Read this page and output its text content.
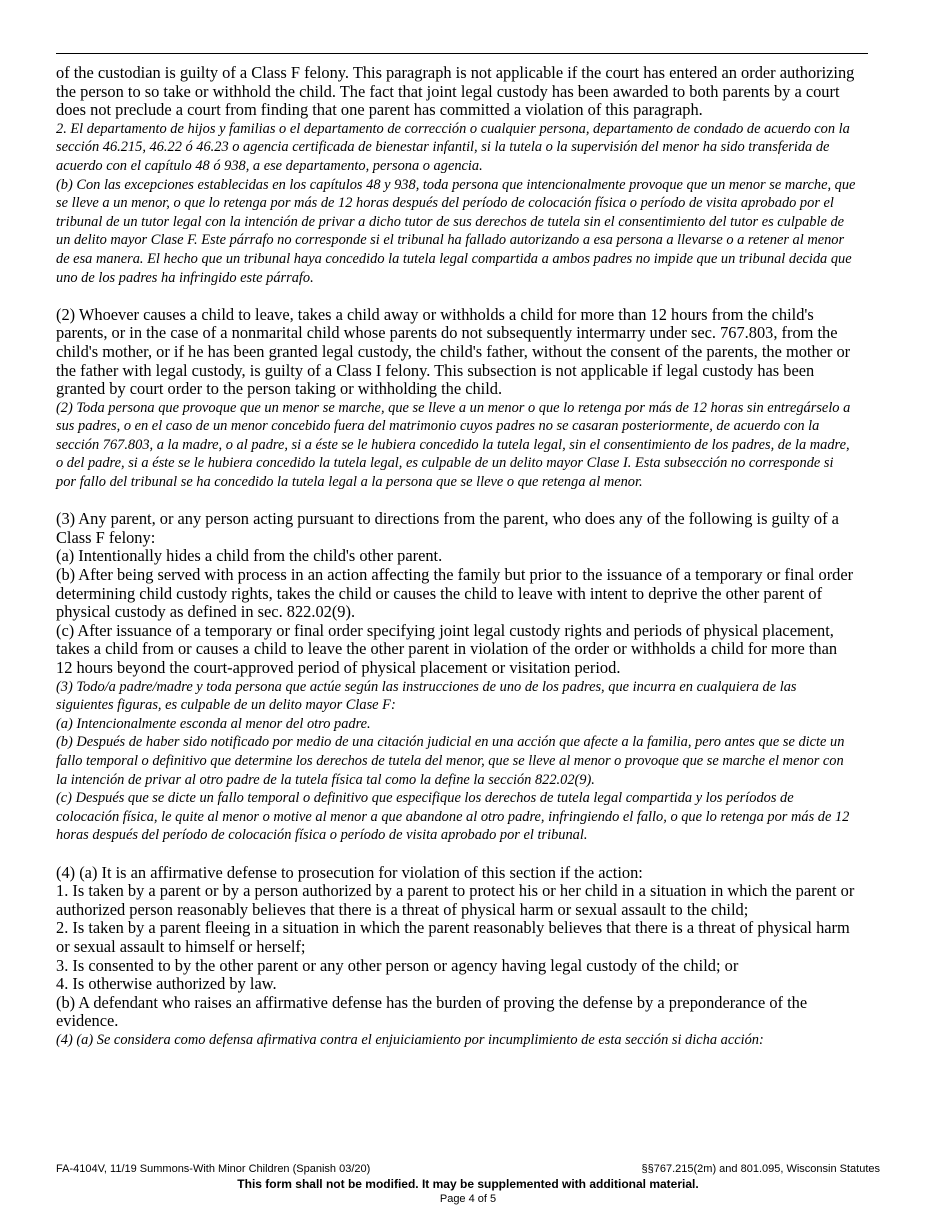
of the custodian is guilty of a Class F felony. This paragraph is not applicable if the court has entered an order authorizing the person to so take or withhold the child. The fact that joint legal custody has been awarded to both parents by a court does not preclude a court from finding that one parent has committed a violation of this paragraph.

2. El departamento de hijos y familias o el departamento de corrección o cualquier persona, departamento de condado de acuerdo con la sección 46.215, 46.22 ó 46.23 o agencia certificada de bienestar infantil, si la tutela o la supervisión del menor ha sido transferida de acuerdo con el capítulo 48 ó 938, a ese departamento, persona o agencia.

(b) Con las excepciones establecidas en los capítulos 48 y 938, toda persona que intencionalmente provoque que un menor se marche, que se lleve a un menor, o que lo retenga por más de 12 horas después del período de colocación física o período de visita aprobado por el tribunal de un tutor legal con la intención de privar a dicho tutor de sus derechos de tutela sin el consentimiento del tutor es culpable de un delito mayor Clase F. Este párrafo no corresponde si el tribunal ha fallado autorizando a esa persona a llevarse o a retener al menor de esa manera. El hecho que un tribunal haya concedido la tutela legal compartida a ambos padres no impide que un tribunal decida que uno de los padres ha infringido este párrafo.

(2) Whoever causes a child to leave, takes a child away or withholds a child for more than 12 hours from the child's parents, or in the case of a nonmarital child whose parents do not subsequently intermarry under sec. 767.803, from the child's mother, or if he has been granted legal custody, the child's father, without the consent of the parents, the mother or the father with legal custody, is guilty of a Class I felony. This subsection is not applicable if legal custody has been granted by court order to the person taking or withholding the child.

(2) Toda persona que provoque que un menor se marche, que se lleve a un menor o que lo retenga por más de 12 horas sin entregárselo a sus padres, o en el caso de un menor concebido fuera del matrimonio cuyos padres no se casaran posteriormente, de acuerdo con la sección 767.803, a la madre, o al padre, si a éste se le hubiera concedido la tutela legal, sin el consentimiento de los padres, de la madre, o del padre, si a éste se le hubiera concedido la tutela legal, es culpable de un delito mayor Clase I. Esta subsección no corresponde si por fallo del tribunal se ha concedido la tutela legal a la persona que se lleve o que retenga al menor.

(3) Any parent, or any person acting pursuant to directions from the parent, who does any of the following is guilty of a Class F felony:

(a) Intentionally hides a child from the child's other parent.

(b) After being served with process in an action affecting the family but prior to the issuance of a temporary or final order determining child custody rights, takes the child or causes the child to leave with intent to deprive the other parent of physical custody as defined in sec. 822.02(9).

(c) After issuance of a temporary or final order specifying joint legal custody rights and periods of physical placement, takes a child from or causes a child to leave the other parent in violation of the order or withholds a child for more than 12 hours beyond the court-approved period of physical placement or visitation period.

(3) Todo/a padre/madre y toda persona que actúe según las instrucciones de uno de los padres, que incurra en cualquiera de las siguientes figuras, es culpable de un delito mayor Clase F:

(a) Intencionalmente esconda al menor del otro padre.

(b) Después de haber sido notificado por medio de una citación judicial en una acción que afecte a la familia, pero antes que se dicte un fallo temporal o definitivo que determine los derechos de tutela del menor, que se lleve al menor o provoque que se marche el menor con la intención de privar al otro padre de la tutela física tal como la define la sección 822.02(9).

(c) Después que se dicte un fallo temporal o definitivo que especifique los derechos de tutela legal compartida y los períodos de colocación física, le quite al menor o motive al menor a que abandone al otro padre, infringiendo el fallo, o que lo retenga por más de 12 horas después del período de colocación física o período de visita aprobado por el tribunal.

(4) (a) It is an affirmative defense to prosecution for violation of this section if the action:

1. Is taken by a parent or by a person authorized by a parent to protect his or her child in a situation in which the parent or authorized person reasonably believes that there is a threat of physical harm or sexual assault to the child;

2. Is taken by a parent fleeing in a situation in which the parent reasonably believes that there is a threat of physical harm or sexual assault to himself or herself;

3. Is consented to by the other parent or any other person or agency having legal custody of the child; or

4. Is otherwise authorized by law.

(b) A defendant who raises an affirmative defense has the burden of proving the defense by a preponderance of the evidence.

(4) (a) Se considera como defensa afirmativa contra el enjuiciamiento por incumplimiento de esta sección si dicha acción:

FA-4104V, 11/19 Summons-With Minor Children (Spanish 03/20)	§§767.215(2m) and 801.095, Wisconsin Statutes
This form shall not be modified. It may be supplemented with additional material.
Page 4 of 5
